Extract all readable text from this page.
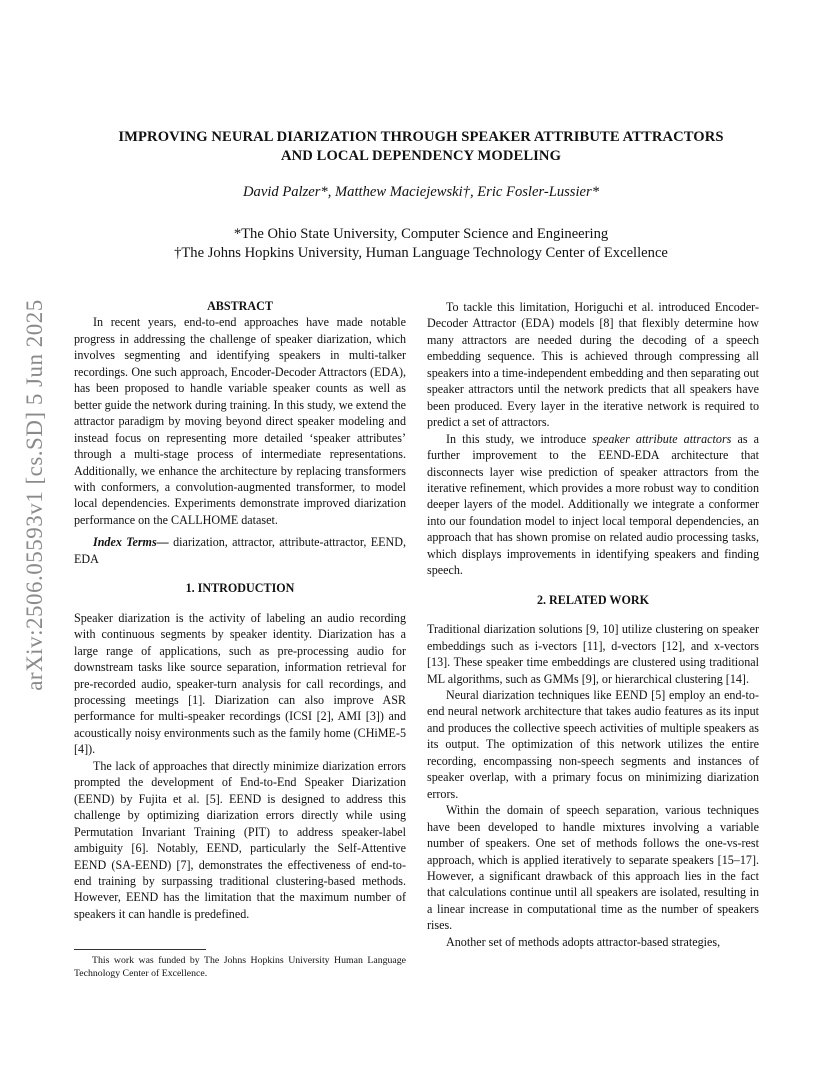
arXiv:2506.05593v1 [cs.SD] 5 Jun 2025
IMPROVING NEURAL DIARIZATION THROUGH SPEAKER ATTRIBUTE ATTRACTORS
AND LOCAL DEPENDENCY MODELING
David Palzer*, Matthew Maciejewski†, Eric Fosler-Lussier*
*The Ohio State University, Computer Science and Engineering
†The Johns Hopkins University, Human Language Technology Center of Excellence
ABSTRACT

In recent years, end-to-end approaches have made notable progress in addressing the challenge of speaker diarization, which involves segmenting and identifying speakers in multi-talker recordings. One such approach, Encoder-Decoder Attractors (EDA), has been proposed to handle variable speaker counts as well as better guide the network during training. In this study, we extend the attractor paradigm by moving beyond direct speaker modeling and instead focus on representing more detailed ‘speaker attributes’ through a multi-stage process of intermediate representations. Additionally, we enhance the architecture by replacing transformers with conformers, a convolution-augmented transformer, to model local dependencies. Experiments demonstrate improved diarization performance on the CALLHOME dataset.

Index Terms— diarization, attractor, attribute-attractor, EEND, EDA

1. INTRODUCTION

Speaker diarization is the activity of labeling an audio recording with continuous segments by speaker identity. Diarization has a large range of applications, such as pre-processing audio for downstream tasks like source separation, information retrieval for pre-recorded audio, speaker-turn analysis for call recordings, and processing meetings [1]. Diarization can also improve ASR performance for multi-speaker recordings (ICSI [2], AMI [3]) and acoustically noisy environments such as the family home (CHiME-5 [4]).

The lack of approaches that directly minimize diarization errors prompted the development of End-to-End Speaker Diarization (EEND) by Fujita et al. [5]. EEND is designed to address this challenge by optimizing diarization errors directly while using Permutation Invariant Training (PIT) to address speaker-label ambiguity [6]. Notably, EEND, particularly the Self-Attentive EEND (SA-EEND) [7], demonstrates the effectiveness of end-to-end training by surpassing traditional clustering-based methods. However, EEND has the limitation that the maximum number of speakers it can handle is predefined.

This work was funded by The Johns Hopkins University Human Language Technology Center of Excellence.

To tackle this limitation, Horiguchi et al. introduced Encoder-Decoder Attractor (EDA) models [8] that flexibly determine how many attractors are needed during the decoding of a speech embedding sequence. This is achieved through compressing all speakers into a time-independent embedding and then separating out speaker attractors until the network predicts that all speakers have been produced. Every layer in the iterative network is required to predict a set of attractors.

In this study, we introduce speaker attribute attractors as a further improvement to the EEND-EDA architecture that disconnects layer wise prediction of speaker attractors from the iterative refinement, which provides a more robust way to condition deeper layers of the model. Additionally we integrate a conformer into our foundation model to inject local temporal dependencies, an approach that has shown promise on related audio processing tasks, which displays improvements in identifying speakers and finding speech.

2. RELATED WORK

Traditional diarization solutions [9, 10] utilize clustering on speaker embeddings such as i-vectors [11], d-vectors [12], and x-vectors [13]. These speaker time embeddings are clustered using traditional ML algorithms, such as GMMs [9], or hierarchical clustering [14].

Neural diarization techniques like EEND [5] employ an end-to-end neural network architecture that takes audio features as its input and produces the collective speech activities of multiple speakers as its output. The optimization of this network utilizes the entire recording, encompassing non-speech segments and instances of speaker overlap, with a primary focus on minimizing diarization errors.

Within the domain of speech separation, various techniques have been developed to handle mixtures involving a variable number of speakers. One set of methods follows the one-vs-rest approach, which is applied iteratively to separate speakers [15–17]. However, a significant drawback of this approach lies in the fact that calculations continue until all speakers are isolated, resulting in a linear increase in computational time as the number of speakers rises.

Another set of methods adopts attractor-based strategies,
